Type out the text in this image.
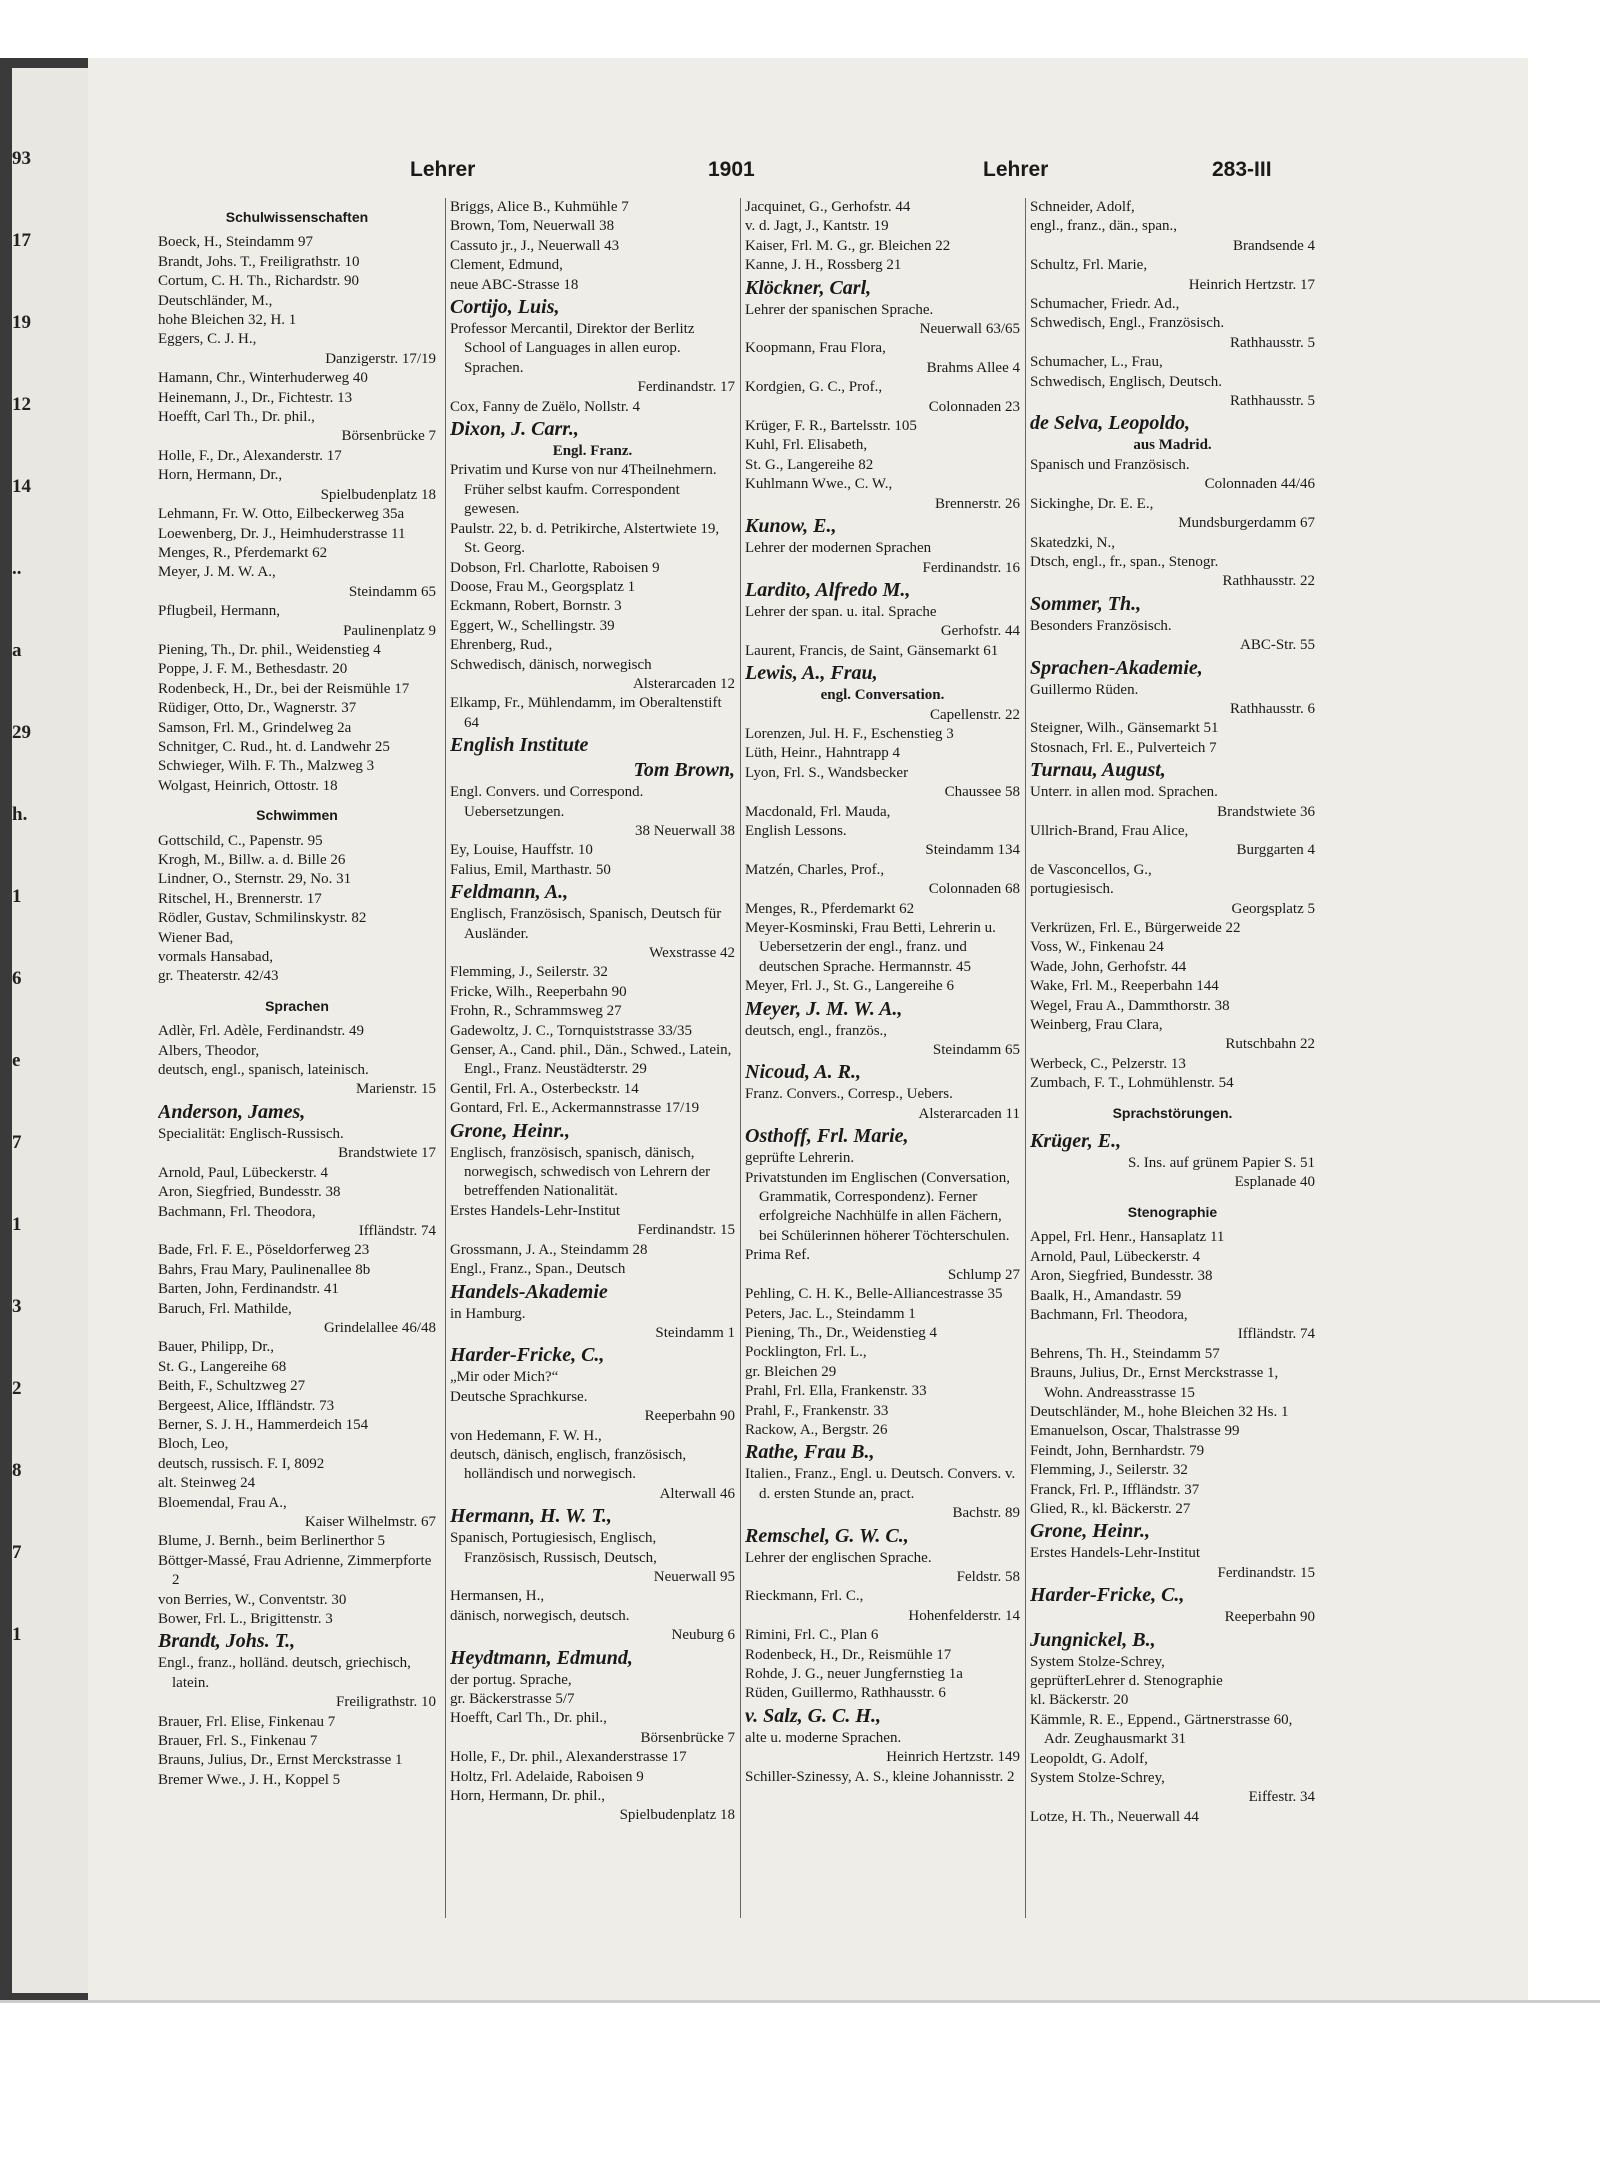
93
17
19
12
14
..
a
29
h.
1
6
e
7
1
3
2
8
7
1
Lehrer	1901	Lehrer	283-III
Schulwissenschaften
Boeck, H., Steindamm 97
Brandt, Johs. T., Freiligrathstr. 10
Cortum, C. H. Th., Richardstr. 90
Deutschländer, M.,
hohe Bleichen 32, H. 1
Eggers, C. J. H.,
Danzigerstr. 17/19
Hamann, Chr., Winterhuderweg 40
Heinemann, J., Dr., Fichtestr. 13
Hoefft, Carl Th., Dr. phil.,
Börsenbrücke 7
Holle, F., Dr., Alexanderstr. 17
Horn, Hermann, Dr.,
Spielbudenplatz 18
Lehmann, Fr. W. Otto, Eilbeckerweg 35a
Loewenberg, Dr. J., Heimhuderstrasse 11
Menges, R., Pferdemarkt 62
Meyer, J. M. W. A.,
Steindamm 65
Pflugbeil, Hermann,
Paulinenplatz 9
Piening, Th., Dr. phil., Weidenstieg 4
Poppe, J. F. M., Bethesdastr. 20
Rodenbeck, H., Dr., bei der Reismühle 17
Rüdiger, Otto, Dr., Wagnerstr. 37
Samson, Frl. M., Grindelweg 2a
Schnitger, C. Rud., ht. d. Landwehr 25
Schwieger, Wilh. F. Th., Malzweg 3
Wolgast, Heinrich, Ottostr. 18
Schwimmen
Gottschild, C., Papenstr. 95
Krogh, M., Billw. a. d. Bille 26
Lindner, O., Sternstr. 29, No. 31
Ritschel, H., Brennerstr. 17
Rödler, Gustav, Schmilinskystr. 82
Wiener Bad,
vormals Hansabad,
gr. Theaterstr. 42/43
Sprachen
Adlèr, Frl. Adèle, Ferdinandstr. 49
Albers, Theodor,
deutsch, engl., spanisch, lateinisch.
Marienstr. 15
Anderson, James,
Specialität: Englisch-Russisch.
Brandstwiete 17
Arnold, Paul, Lübeckerstr. 4
Aron, Siegfried, Bundesstr. 38
Bachmann, Frl. Theodora,
Iffländstr. 74
Bade, Frl. F. E., Pöseldorferweg 23
Bahrs, Frau Mary, Paulinenallee 8b
Barten, John, Ferdinandstr. 41
Baruch, Frl. Mathilde,
Grindelallee 46/48
Bauer, Philipp, Dr.,
St. G., Langereihe 68
Beith, F., Schultzweg 27
Bergeest, Alice, Iffländstr. 73
Berner, S. J. H., Hammerdeich 154
Bloch, Leo,
deutsch, russisch. F. I, 8092
alt. Steinweg 24
Bloemendal, Frau A.,
Kaiser Wilhelmstr. 67
Blume, J. Bernh., beim Berlinerthor 5
Böttger-Massé, Frau Adrienne, Zimmerpforte 2
von Berries, W., Conventstr. 30
Bower, Frl. L., Brigittenstr. 3
Brandt, Johs. T.,
Engl., franz., holländ. deutsch, griechisch, latein.
Freiligrathstr. 10
Brauer, Frl. Elise, Finkenau 7
Brauer, Frl. S., Finkenau 7
Brauns, Julius, Dr., Ernst Merckstrasse 1
Bremer Wwe., J. H., Koppel 5
Briggs, Alice B., Kuhmühle 7
Brown, Tom, Neuerwall 38
Cassuto jr., J., Neuerwall 43
Clement, Edmund,
neue ABC-Strasse 18
Cortijo, Luis,
Professor Mercantil, Direktor der Berlitz School of Languages in allen europ. Sprachen.
Ferdinandstr. 17
Cox, Fanny de Zuëlo, Nollstr. 4
Dixon, J. Carr.,
Engl. Franz.
Privatim und Kurse von nur 4Theilnehmern. Früher selbst kaufm. Correspondent gewesen.
Paulstr. 22, b. d. Petrikirche, Alstertwiete 19, St. Georg.
Dobson, Frl. Charlotte, Raboisen 9
Doose, Frau M., Georgsplatz 1
Eckmann, Robert, Bornstr. 3
Eggert, W., Schellingstr. 39
Ehrenberg, Rud.,
Schwedisch, dänisch, norwegisch
Alsterarcaden 12
Elkamp, Fr., Mühlendamm, im Oberaltenstift 64
English Institute
Tom Brown,
Engl. Convers. und Correspond. Uebersetzungen.
38 Neuerwall 38
Ey, Louise, Hauffstr. 10
Falius, Emil, Marthastr. 50
Feldmann, A.,
Englisch, Französisch, Spanisch, Deutsch für Ausländer.
Wexstrasse 42
Flemming, J., Seilerstr. 32
Fricke, Wilh., Reeperbahn 90
Frohn, R., Schrammsweg 27
Gadewoltz, J. C., Tornquiststrasse 33/35
Genser, A., Cand. phil., Dän., Schwed., Latein, Engl., Franz. Neustädterstr. 29
Gentil, Frl. A., Osterbeckstr. 14
Gontard, Frl. E., Ackermannstrasse 17/19
Grone, Heinr.,
Englisch, französisch, spanisch, dänisch, norwegisch, schwedisch von Lehrern der betreffenden Nationalität.
Erstes Handels-Lehr-Institut
Ferdinandstr. 15
Grossmann, J. A., Steindamm 28
Engl., Franz., Span., Deutsch
Handels-Akademie
in Hamburg.
Steindamm 1
Harder-Fricke, C.,
„Mir oder Mich?“
Deutsche Sprachkurse.
Reeperbahn 90
von Hedemann, F. W. H.,
deutsch, dänisch, englisch, französisch, holländisch und norwegisch.
Alterwall 46
Hermann, H. W. T.,
Spanisch, Portugiesisch, Englisch, Französisch, Russisch, Deutsch,
Neuerwall 95
Hermansen, H.,
dänisch, norwegisch, deutsch.
Neuburg 6
Heydtmann, Edmund,
der portug. Sprache,
gr. Bäckerstrasse 5/7
Hoefft, Carl Th., Dr. phil.,
Börsenbrücke 7
Holle, F., Dr. phil., Alexanderstrasse 17
Holtz, Frl. Adelaide, Raboisen 9
Horn, Hermann, Dr. phil.,
Spielbudenplatz 18
Jacquinet, G., Gerhofstr. 44
v. d. Jagt, J., Kantstr. 19
Kaiser, Frl. M. G., gr. Bleichen 22
Kanne, J. H., Rossberg 21
Klöckner, Carl,
Lehrer der spanischen Sprache.
Neuerwall 63/65
Koopmann, Frau Flora,
Brahms Allee 4
Kordgien, G. C., Prof.,
Colonnaden 23
Krüger, F. R., Bartelsstr. 105
Kuhl, Frl. Elisabeth,
St. G., Langereihe 82
Kuhlmann Wwe., C. W.,
Brennerstr. 26
Kunow, E.,
Lehrer der modernen Sprachen
Ferdinandstr. 16
Lardito, Alfredo M.,
Lehrer der span. u. ital. Sprache
Gerhofstr. 44
Laurent, Francis, de Saint, Gänsemarkt 61
Lewis, A., Frau,
engl. Conversation.
Capellenstr. 22
Lorenzen, Jul. H. F., Eschenstieg 3
Lüth, Heinr., Hahntrapp 4
Lyon, Frl. S., Wandsbecker
Chaussee 58
Macdonald, Frl. Mauda,
English Lessons.
Steindamm 134
Matzén, Charles, Prof.,
Colonnaden 68
Menges, R., Pferdemarkt 62
Meyer-Kosminski, Frau Betti, Lehrerin u. Uebersetzerin der engl., franz. und deutschen Sprache. Hermannstr. 45
Meyer, Frl. J., St. G., Langereihe 6
Meyer, J. M. W. A.,
deutsch, engl., französ.,
Steindamm 65
Nicoud, A. R.,
Franz. Convers., Corresp., Uebers.
Alsterarcaden 11
Osthoff, Frl. Marie,
geprüfte Lehrerin.
Privatstunden im Englischen (Conversation, Grammatik, Correspondenz). Ferner erfolgreiche Nachhülfe in allen Fächern, bei Schülerinnen höherer Töchterschulen.
Prima Ref.
Schlump 27
Pehling, C. H. K., Belle-Alliancestrasse 35
Peters, Jac. L., Steindamm 1
Piening, Th., Dr., Weidenstieg 4
Pocklington, Frl. L.,
gr. Bleichen 29
Prahl, Frl. Ella, Frankenstr. 33
Prahl, F., Frankenstr. 33
Rackow, A., Bergstr. 26
Rathe, Frau B.,
Italien., Franz., Engl. u. Deutsch. Convers. v. d. ersten Stunde an, pract.
Bachstr. 89
Remschel, G. W. C.,
Lehrer der englischen Sprache.
Feldstr. 58
Rieckmann, Frl. C.,
Hohenfelderstr. 14
Rimini, Frl. C., Plan 6
Rodenbeck, H., Dr., Reismühle 17
Rohde, J. G., neuer Jungfernstieg 1a
Rüden, Guillermo, Rathhausstr. 6
v. Salz, G. C. H.,
alte u. moderne Sprachen.
Heinrich Hertzstr. 149
Schiller-Szinessy, A. S., kleine Johannisstr. 2
Schneider, Adolf,
engl., franz., dän., span.,
Brandsende 4
Schultz, Frl. Marie,
Heinrich Hertzstr. 17
Schumacher, Friedr. Ad.,
Schwedisch, Engl., Französisch.
Rathhausstr. 5
Schumacher, L., Frau,
Schwedisch, Englisch, Deutsch.
Rathhausstr. 5
de Selva, Leopoldo,
aus Madrid.
Spanisch und Französisch.
Colonnaden 44/46
Sickinghe, Dr. E. E.,
Mundsburgerdamm 67
Skatedzki, N.,
Dtsch, engl., fr., span., Stenogr.
Rathhausstr. 22
Sommer, Th.,
Besonders Französisch.
ABC-Str. 55
Sprachen-Akademie,
Guillermo Rüden.
Rathhausstr. 6
Steigner, Wilh., Gänsemarkt 51
Stosnach, Frl. E., Pulverteich 7
Turnau, August,
Unterr. in allen mod. Sprachen.
Brandstwiete 36
Ullrich-Brand, Frau Alice,
Burggarten 4
de Vasconcellos, G.,
portugiesisch.
Georgsplatz 5
Verkrüzen, Frl. E., Bürgerweide 22
Voss, W., Finkenau 24
Wade, John, Gerhofstr. 44
Wake, Frl. M., Reeperbahn 144
Wegel, Frau A., Dammthorstr. 38
Weinberg, Frau Clara,
Rutschbahn 22
Werbeck, C., Pelzerstr. 13
Zumbach, F. T., Lohmühlenstr. 54
Sprachstörungen.
Krüger, E.,
S. Ins. auf grünem Papier S. 51
Esplanade 40
Stenographie
Appel, Frl. Henr., Hansaplatz 11
Arnold, Paul, Lübeckerstr. 4
Aron, Siegfried, Bundesstr. 38
Baalk, H., Amandastr. 59
Bachmann, Frl. Theodora,
Iffländstr. 74
Behrens, Th. H., Steindamm 57
Brauns, Julius, Dr., Ernst Merckstrasse 1, Wohn. Andreasstrasse 15
Deutschländer, M., hohe Bleichen 32 Hs. 1
Emanuelson, Oscar, Thalstrasse 99
Feindt, John, Bernhardstr. 79
Flemming, J., Seilerstr. 32
Franck, Frl. P., Iffländstr. 37
Glied, R., kl. Bäckerstr. 27
Grone, Heinr.,
Erstes Handels-Lehr-Institut
Ferdinandstr. 15
Harder-Fricke, C.,
Reeperbahn 90
Jungnickel, B.,
System Stolze-Schrey,
geprüfterLehrer d. Stenographie
kl. Bäckerstr. 20
Kämmle, R. E., Eppend., Gärtnerstrasse 60, Adr. Zeughausmarkt 31
Leopoldt, G. Adolf,
System Stolze-Schrey,
Eiffestr. 34
Lotze, H. Th., Neuerwall 44
